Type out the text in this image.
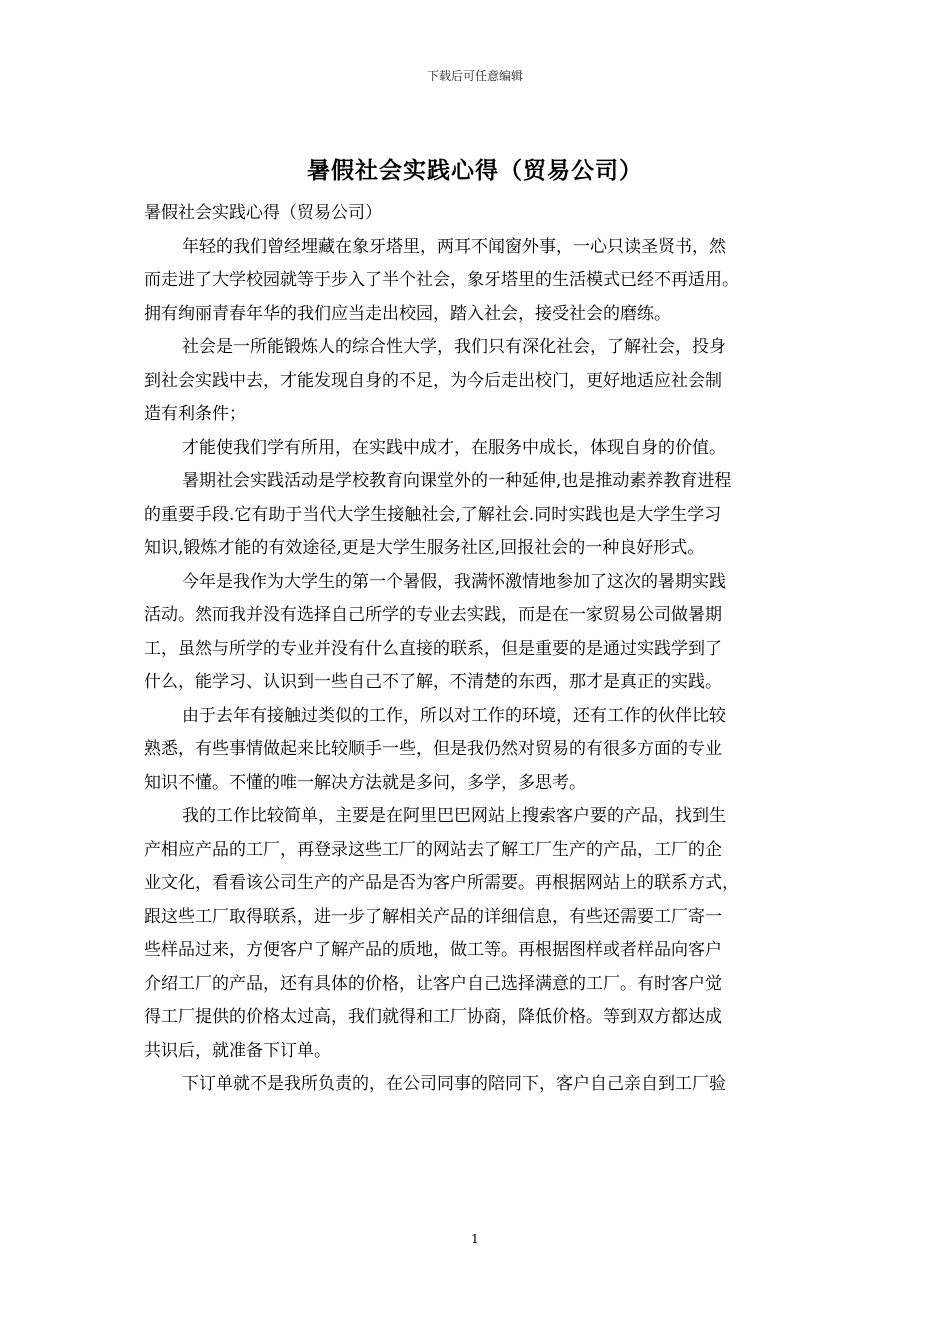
下载后可任意编辑
暑假社会实践心得（贸易公司）
暑假社会实践心得（贸易公司）
年轻的我们曾经埋藏在象牙塔里，两耳不闻窗外事，一心只读圣贤书，然
而走进了大学校园就等于步入了半个社会，象牙塔里的生活模式已经不再适用。
拥有绚丽青春年华的我们应当走出校园，踏入社会，接受社会的磨练。
社会是一所能锻炼人的综合性大学，我们只有深化社会，了解社会，投身
到社会实践中去，才能发现自身的不足，为今后走出校门，更好地适应社会制
造有利条件；
才能使我们学有所用，在实践中成才，在服务中成长，体现自身的价值。
暑期社会实践活动是学校教育向课堂外的一种延伸,也是推动素养教育进程
的重要手段.它有助于当代大学生接触社会,了解社会.同时实践也是大学生学习
知识,锻炼才能的有效途径,更是大学生服务社区,回报社会的一种良好形式。
今年是我作为大学生的第一个暑假，我满怀激情地参加了这次的暑期实践
活动。然而我并没有选择自己所学的专业去实践，而是在一家贸易公司做暑期
工，虽然与所学的专业并没有什么直接的联系，但是重要的是通过实践学到了
什么，能学习、认识到一些自己不了解，不清楚的东西，那才是真正的实践。
由于去年有接触过类似的工作，所以对工作的环境，还有工作的伙伴比较
熟悉，有些事情做起来比较顺手一些，但是我仍然对贸易的有很多方面的专业
知识不懂。不懂的唯一解决方法就是多问，多学，多思考。
我的工作比较简单，主要是在阿里巴巴网站上搜索客户要的产品，找到生
产相应产品的工厂，再登录这些工厂的网站去了解工厂生产的产品，工厂的企
业文化，看看该公司生产的产品是否为客户所需要。再根据网站上的联系方式，
跟这些工厂取得联系，进一步了解相关产品的详细信息，有些还需要工厂寄一
些样品过来，方便客户了解产品的质地，做工等。再根据图样或者样品向客户
介绍工厂的产品，还有具体的价格，让客户自己选择满意的工厂。有时客户觉
得工厂提供的价格太过高，我们就得和工厂协商，降低价格。等到双方都达成
共识后，就准备下订单。
下订单就不是我所负责的，在公司同事的陪同下，客户自己亲自到工厂验
1
